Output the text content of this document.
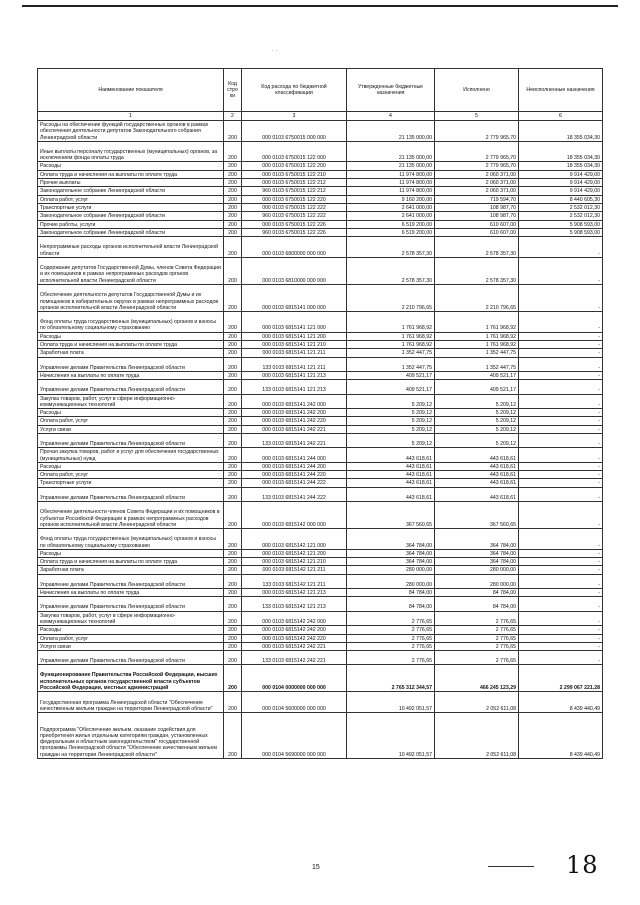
· ·
Наименование показателя	Код стро ки	Код расхода по бюджетной классификации	Утвержденные бюджетные назначения	Исполнено	Неисполненные назначения
1	2	3	4	5	6
Расходы на обеспечение функций государственных органов в рамках обеспечения деятельности депутатов Законодательного собрания Ленинградской области	200	000 0103 6750015 000 000	21 135 000,00	2 779 965,70	18 355 034,30
Иные выплаты персоналу государственных (муниципальных) органов, за исключением фонда оплаты труда	200	000 0103 6750015 122 000	21 135 000,00	2 779 965,70	18 355 034,30
Расходы	200	000 0103 6750015 122 200	21 135 000,00	2 779 965,70	18 355 034,30
Оплата труда и начисления на выплаты по оплате труда	200	000 0103 6750015 122 210	11 974 800,00	2 060 371,00	9 914 429,00
Прочие выплаты	200	000 0103 6750015 122 212	11 974 800,00	2 060 371,00	9 914 429,00
Законодательное собрание Ленинградской области	200	960 0103 6750015 122 212	11 974 800,00	2 060 371,00	9 914 429,00
Оплата работ, услуг	200	000 0103 6750015 122 220	9 160 200,00	719 594,70	8 440 605,30
Транспортные услуги	200	000 0103 6750015 122 222	2 641 000,00	108 987,70	2 532 012,30
Законодательное собрание Ленинградской области	200	960 0103 6750015 122 222	2 641 000,00	108 987,70	2 532 012,30
Прочие работы, услуги	200	000 0103 6750015 122 226	6 519 200,00	610 607,00	5 908 593,00
Законодательное собрание Ленинградской области	200	960 0103 6750015 122 226	6 519 200,00	610 607,00	5 908 593,00
Непрограммные расходы органов исполнительной власти Ленинградской области	200	000 0103 6800000 000 000	2 578 357,30	2 578 357,30	-
Содержание депутатов Государственной Думы, членов Совета Федерации и их помощников в рамках непрограммных расходов органов исполнительной власти Ленинградской области	200	000 0103 6810000 000 000	2 578 357,30	2 578 357,30	-
Обеспечение деятельности депутатов Государственной Думы и их помощников в избирательных округах в рамках непрограммных расходов органов исполнительной власти Ленинградской области	200	000 0103 6815141 000 000	2 210 796,65	2 210 796,65	-
Фонд оплаты труда государственных (муниципальных) органов и взносы по обязательному социальному страхованию	200	000 0103 6815141 121 000	1 761 968,92	1 761 968,92	-
Расходы	200	000 0103 6815141 121 200	1 761 968,92	1 761 968,92	-
Оплата труда и начисления на выплаты по оплате труда	200	000 0103 6815141 121 210	1 761 968,92	1 761 968,92	-
Заработная плата	200	000 0103 6815141 121 211	1 352 447,75	1 352 447,75	-
Управление делами Правительства Ленинградской области	200	133 0103 6815141 121 211	1 352 447,75	1 352 447,75	-
Начисления на выплаты по оплате труда	200	000 0103 6815141 121 213	409 521,17	409 521,17	-
Управление делами Правительства Ленинградской области	200	133 0103 6815141 121 213	409 521,17	409 521,17	-
Закупка товаров, работ, услуг в сфере информационно-коммуникационных технологий	200	000 0103 6815141 242 000	5 209,12	5 209,12	-
Расходы	200	000 0103 6815141 242 200	5 209,12	5 209,12	-
Оплата работ, услуг	200	000 0103 6815141 242 220	5 209,12	5 209,12	-
Услуги связи	200	000 0103 6815141 242 221	5 209,12	5 209,12	-
Управление делами Правительства Ленинградской области	200	133 0103 6815141 242 221	5 209,12	5 209,12	-
Прочая закупка товаров, работ и услуг для обеспечения государственных (муниципальных) нужд	200	000 0103 6815141 244 000	443 618,61	443 618,61	-
Расходы	200	000 0103 6815141 244 200	443 618,61	443 618,61	-
Оплата работ, услуг	200	000 0103 6815141 244 220	443 618,61	443 618,61	-
Транспортные услуги	200	000 0103 6815141 244 222	443 618,61	443 618,61	-
Управление делами Правительства Ленинградской области	200	133 0103 6815141 244 222	443 618,61	443 618,61	-
Обеспечение деятельности членов Совета Федерации и их помощников в субъектах Российской Федерации в рамках непрограммных расходов органов исполнительной власти Ленинградской области	200	000 0103 6815142 000 000	367 560,65	367 560,65	-
Фонд оплаты труда государственных (муниципальных) органов и взносы по обязательному социальному страхованию	200	000 0103 6815142 121 000	364 784,00	364 784,00	-
Расходы	200	000 0103 6815142 121 200	364 784,00	364 784,00	-
Оплата труда и начисления на выплаты по оплате труда	200	000 0103 6815142 121 210	364 784,00	364 784,00	-
Заработная плата	200	000 0103 6815142 121 211	280 000,00	280 000,00	-
Управление делами Правительства Ленинградской области	200	133 0103 6815142 121 211	280 000,00	280 000,00	-
Начисления на выплаты по оплате труда	200	000 0103 6815142 121 213	84 784,00	84 784,00	-
Управление делами Правительства Ленинградской области	200	133 0103 6815142 121 213	84 784,00	84 784,00	-
Закупка товаров, работ, услуг в сфере информационно-коммуникационных технологий	200	000 0103 6815142 242 000	2 776,65	2 776,65	-
Расходы	200	000 0103 6815142 242 200	2 776,65	2 776,65	-
Оплата работ, услуг	200	000 0103 6815142 242 220	2 776,65	2 776,65	-
Услуги связи	200	000 0103 6815142 242 221	2 776,65	2 776,65	-
Управление делами Правительства Ленинградской области	200	133 0103 6815142 242 221	2 776,65	2 776,65	-
Функционирование Правительства Российской Федерации, высших исполнительных органов государственной власти субъектов Российской Федерации, местных администраций	200	000 0104 0000000 000 000	2 765 312 344,57	466 245 123,29	2 299 067 221,28
Государственная программа Ленинградской области "Обеспечение качественным жильем граждан на территории Ленинградской области"	200	000 0104 5600000 000 000	10 492 051,57	2 052 611,08	8 439 440,49
Подпрограмма "Обеспечение жильем, оказание содействия для приобретения жилья отдельным категориям граждан, установленных федеральным и областным законодательством" государственной программы Ленинградской области "Обеспечение качественным жильем граждан на территории Ленинградской области"	200	000 0104 5690000 000 000	10 492 051,57	2 052 611,08	8 439 440,49
15	18
